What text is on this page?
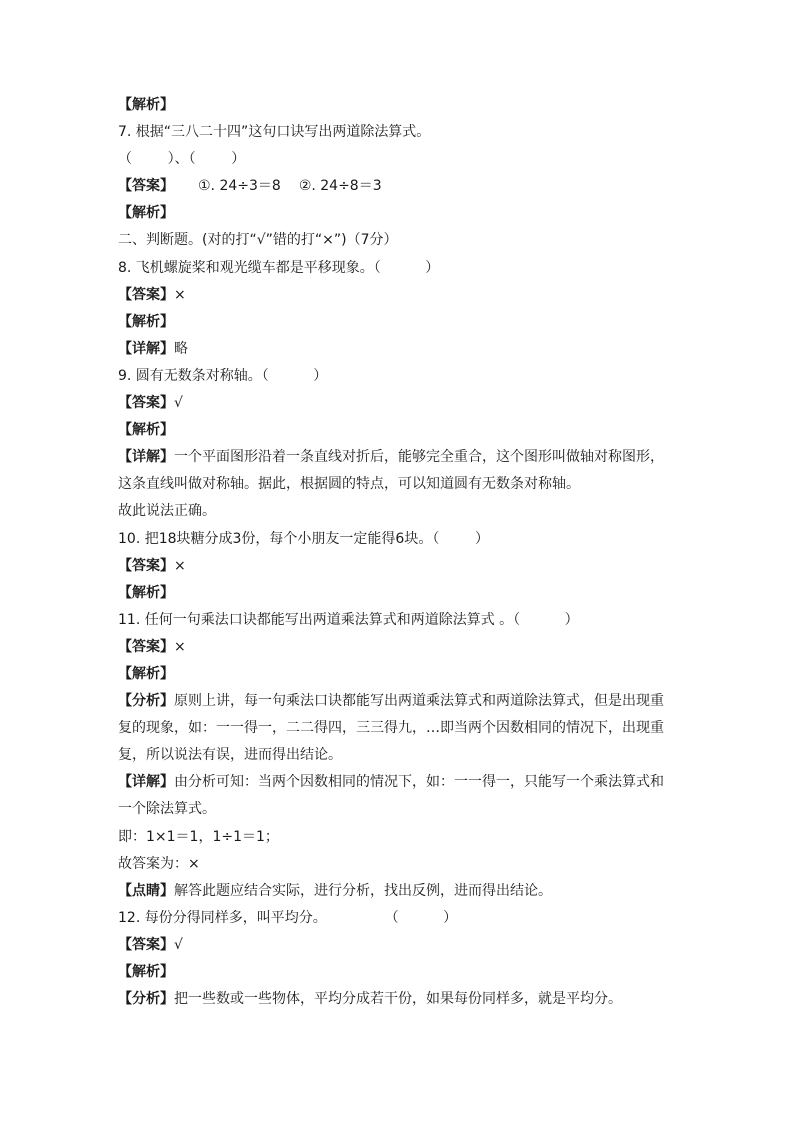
【解析】
7. 根据“三八二十四”这句口诀写出两道除法算式。
（        ）、（        ）
【答案】 ①. 24÷3＝8 ②. 24÷8＝3
【解析】
二、判断题。(对的打“√”错的打“×”)（7分）
8. 飞机螺旋桨和观光缆车都是平移现象。（          ）
【答案】×
【解析】
【详解】略
9. 圆有无数条对称轴。（          ）
【答案】√
【解析】
【详解】一个平面图形沿着一条直线对折后，能够完全重合，这个图形叫做轴对称图形，
这条直线叫做对称轴。据此，根据圆的特点，可以知道圆有无数条对称轴。
故此说法正确。
10. 把18块糖分成3份，每个小朋友一定能得6块。（        ）
【答案】×
【解析】
11. 任何一句乘法口诀都能写出两道乘法算式和两道除法算式 。（          ）
【答案】×
【解析】
【分析】原则上讲，每一句乘法口诀都能写出两道乘法算式和两道除法算式，但是出现重
复的现象，如：一一得一，二二得四，三三得九，…即当两个因数相同的情况下，出现重
复，所以说法有误，进而得出结论。
【详解】由分析可知：当两个因数相同的情况下，如：一一得一，只能写一个乘法算式和
一个除法算式。
即：1×1＝1，1÷1＝1；
故答案为：×
【点睛】解答此题应结合实际，进行分析，找出反例，进而得出结论。
12. 每份分得同样多，叫平均分。             （          ）
【答案】√
【解析】
【分析】把一些数或一些物体，平均分成若干份，如果每份同样多，就是平均分。
